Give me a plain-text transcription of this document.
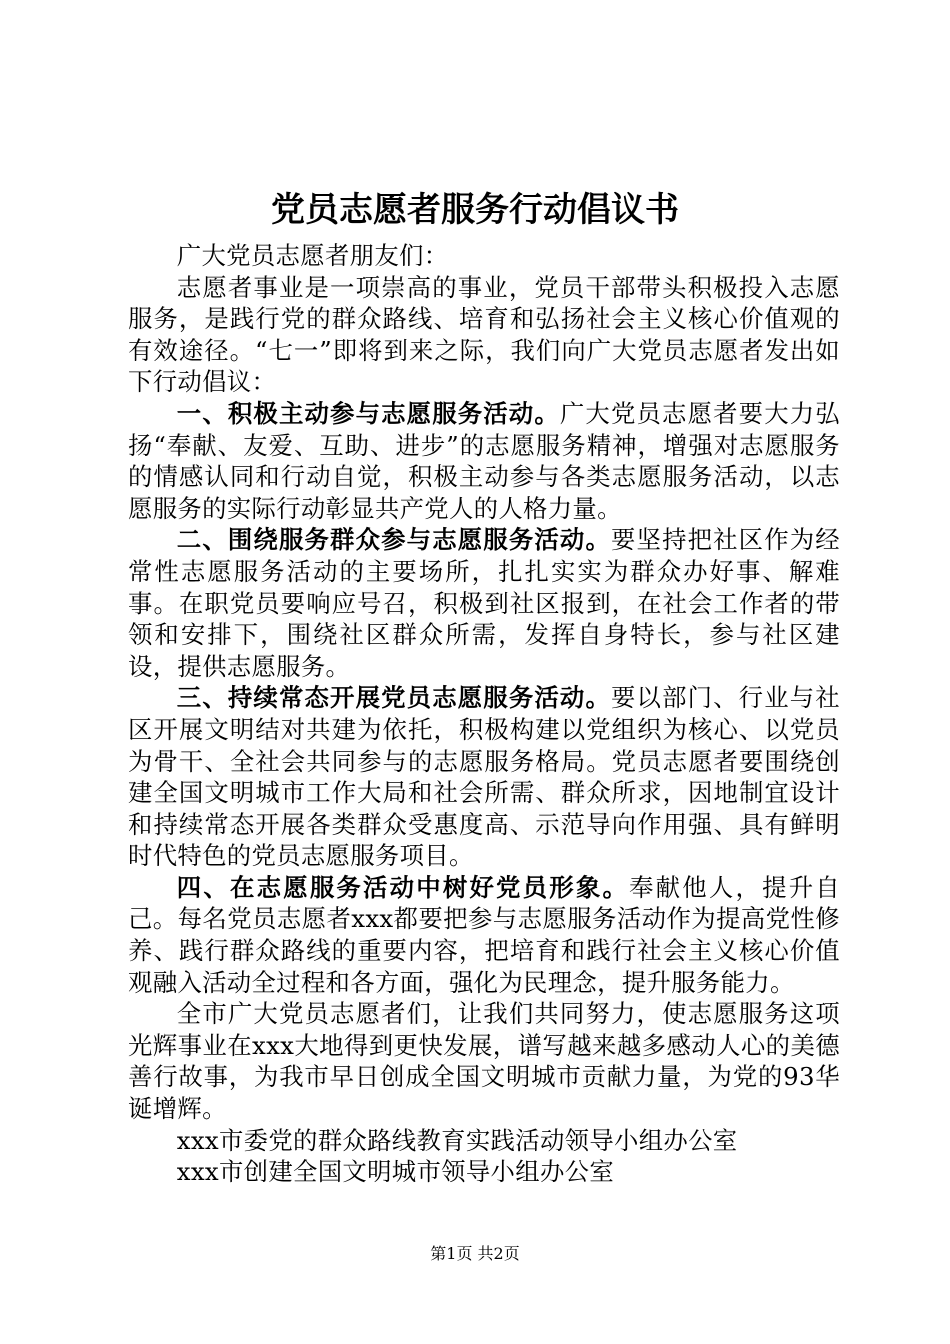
党员志愿者服务行动倡议书

广大党员志愿者朋友们：

志愿者事业是一项崇高的事业，党员干部带头积极投入志愿服务，是践行党的群众路线、培育和弘扬社会主义核心价值观的有效途径。“七一”即将到来之际，我们向广大党员志愿者发出如下行动倡议：

一、积极主动参与志愿服务活动。广大党员志愿者要大力弘扬“奉献、友爱、互助、进步”的志愿服务精神，增强对志愿服务的情感认同和行动自觉，积极主动参与各类志愿服务活动，以志愿服务的实际行动彰显共产党人的人格力量。

二、围绕服务群众参与志愿服务活动。要坚持把社区作为经常性志愿服务活动的主要场所，扎扎实实为群众办好事、解难事。在职党员要响应号召，积极到社区报到，在社会工作者的带领和安排下，围绕社区群众所需，发挥自身特长，参与社区建设，提供志愿服务。

三、持续常态开展党员志愿服务活动。要以部门、行业与社区开展文明结对共建为依托，积极构建以党组织为核心、以党员为骨干、全社会共同参与的志愿服务格局。党员志愿者要围绕创建全国文明城市工作大局和社会所需、群众所求，因地制宜设计和持续常态开展各类群众受惠度高、示范导向作用强、具有鲜明时代特色的党员志愿服务项目。

四、在志愿服务活动中树好党员形象。奉献他人，提升自己。每名党员志愿者xxx都要把参与志愿服务活动作为提高党性修养、践行群众路线的重要内容，把培育和践行社会主义核心价值观融入活动全过程和各方面，强化为民理念，提升服务能力。

全市广大党员志愿者们，让我们共同努力，使志愿服务这项光辉事业在xxx大地得到更快发展，谱写越来越多感动人心的美德善行故事，为我市早日创成全国文明城市贡献力量，为党的93华诞增辉。

xxx市委党的群众路线教育实践活动领导小组办公室

xxx市创建全国文明城市领导小组办公室

第1页 共2页
